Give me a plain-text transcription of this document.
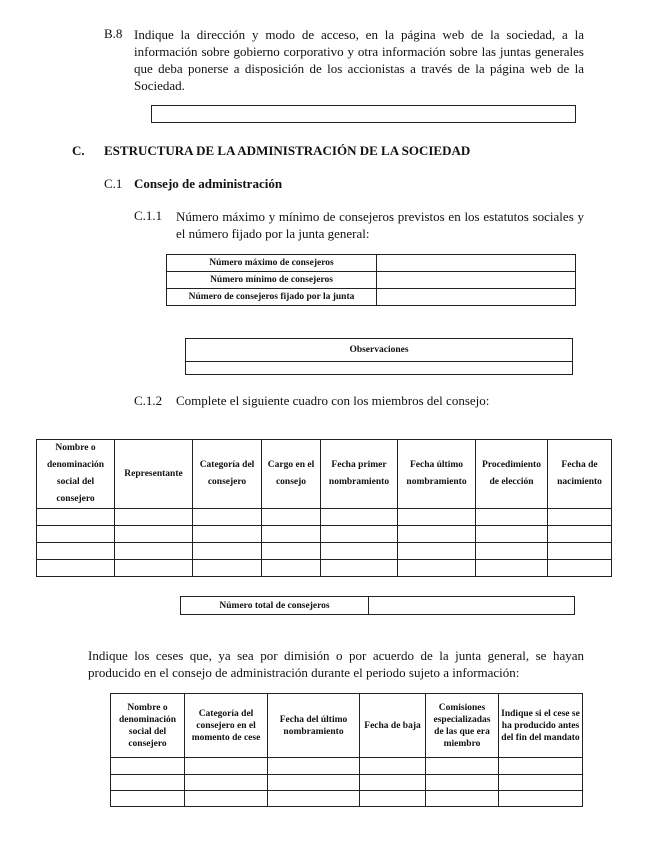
B.8 Indique la dirección y modo de acceso, en la página web de la sociedad, a la información sobre gobierno corporativo y otra información sobre las juntas generales que deba ponerse a disposición de los accionistas a través de la página web de la Sociedad.
C. ESTRUCTURA DE LA ADMINISTRACIÓN DE LA SOCIEDAD
C.1 Consejo de administración
C.1.1 Número máximo y mínimo de consejeros previstos en los estatutos sociales y el número fijado por la junta general:
Número máximo de consejeros	
Número mínimo de consejeros	
Número de consejeros fijado por la junta	
Observaciones

C.1.2 Complete el siguiente cuadro con los miembros del consejo:
Nombre o denominación social del consejero	Representante	Categoría del consejero	Cargo en el consejo	Fecha primer nombramiento	Fecha último nombramiento	Procedimiento de elección	Fecha de nacimiento

Número total de consejeros	
Indique los ceses que, ya sea por dimisión o por acuerdo de la junta general, se hayan producido en el consejo de administración durante el periodo sujeto a información:
Nombre o denominación social del consejero	Categoría del consejero en el momento de cese	Fecha del último nombramiento	Fecha de baja	Comisiones especializadas de las que era miembro	Indique si el cese se ha producido antes del fin del mandato
